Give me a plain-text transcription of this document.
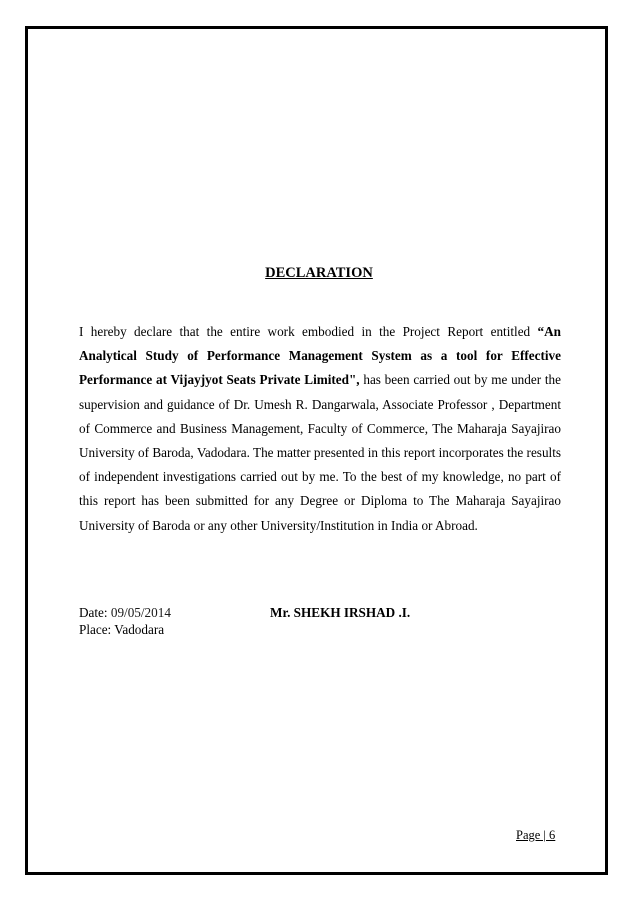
DECLARATION

I hereby declare that the entire work embodied in the Project Report entitled “An Analytical Study of Performance Management System as a tool for Effective Performance at Vijayjyot Seats Private Limited", has been carried out by me under the supervision and guidance of Dr. Umesh R. Dangarwala, Associate Professor , Department of Commerce and Business Management, Faculty of Commerce, The Maharaja Sayajirao University of Baroda, Vadodara. The matter presented in this report incorporates the results of independent investigations carried out by me. To the best of my knowledge, no part of this report has been submitted for any Degree or Diploma to The Maharaja Sayajirao University of Baroda or any other University/Institution in India or Abroad.

Date: 09/05/2014
Place: Vadodara
Mr. SHEKH IRSHAD .I.
Page | 6
